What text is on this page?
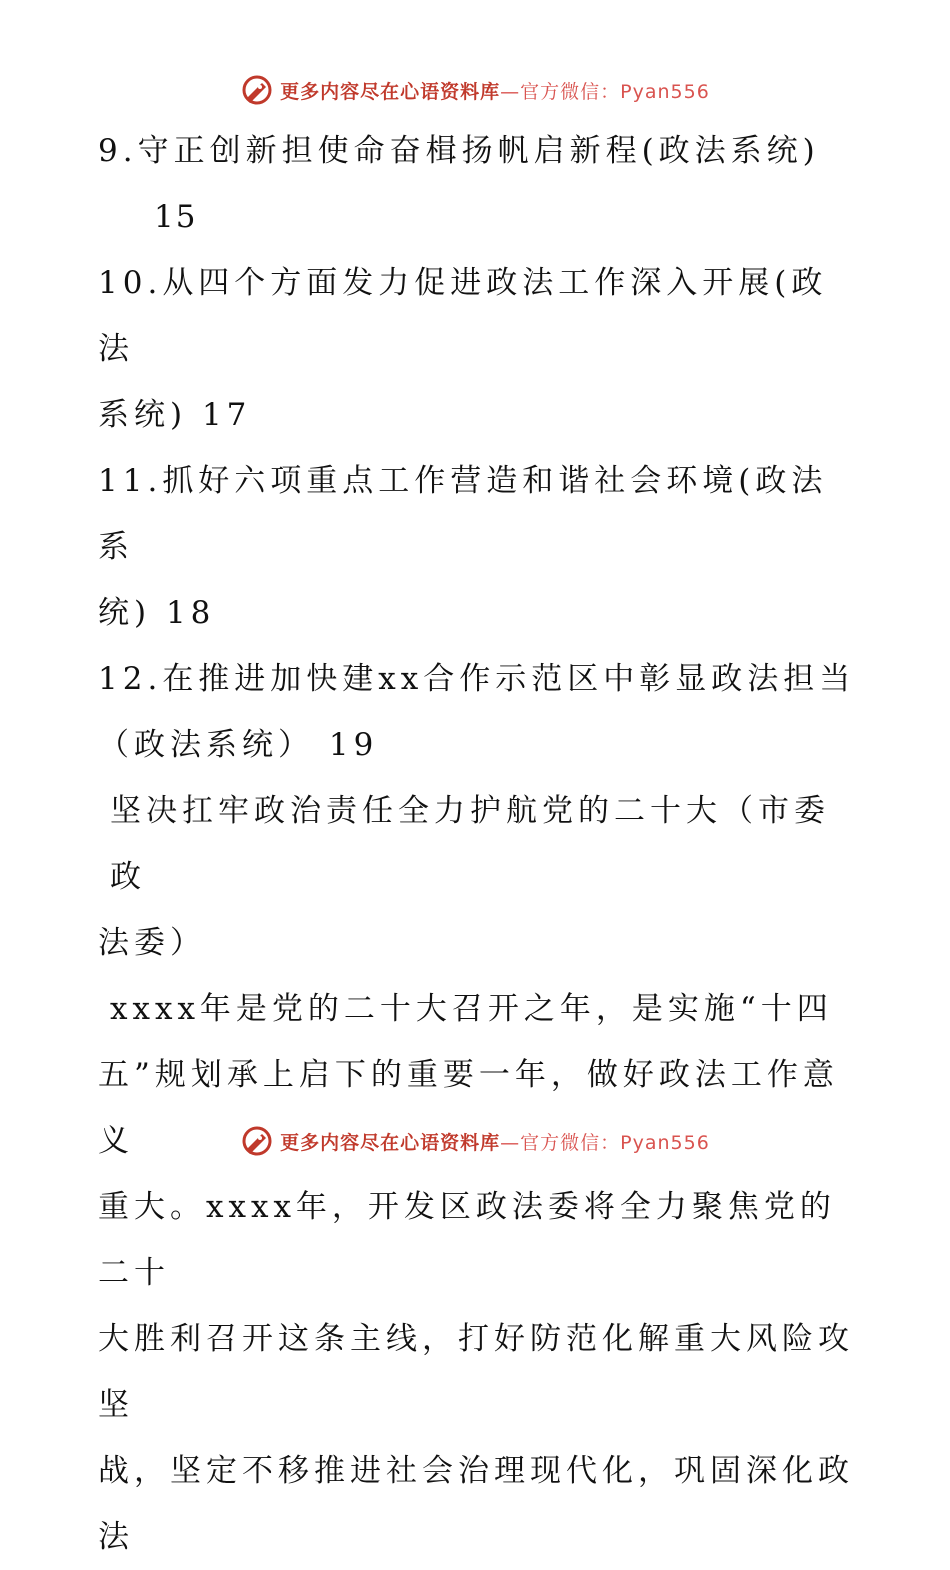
更多内容尽在心语资料库—官方微信：Pyan556

9.守正创新担使命奋楫扬帆启新程(政法系统)

15

10.从四个方面发力促进政法工作深入开展(政法

系统) 17

11.抓好六项重点工作营造和谐社会环境(政法系

统) 18

12.在推进加快建xx合作示范区中彰显政法担当

（政法系统） 19

坚决扛牢政治责任全力护航党的二十大（市委政

法委）

xxxx年是党的二十大召开之年，是实施“十四

五”规划承上启下的重要一年，做好政法工作意义

重大。xxxx年，开发区政法委将全力聚焦党的二十

大胜利召开这条主线，打好防范化解重大风险攻坚

战，坚定不移推进社会治理现代化，巩固深化政法

更多内容尽在心语资料库—官方微信：Pyan556
